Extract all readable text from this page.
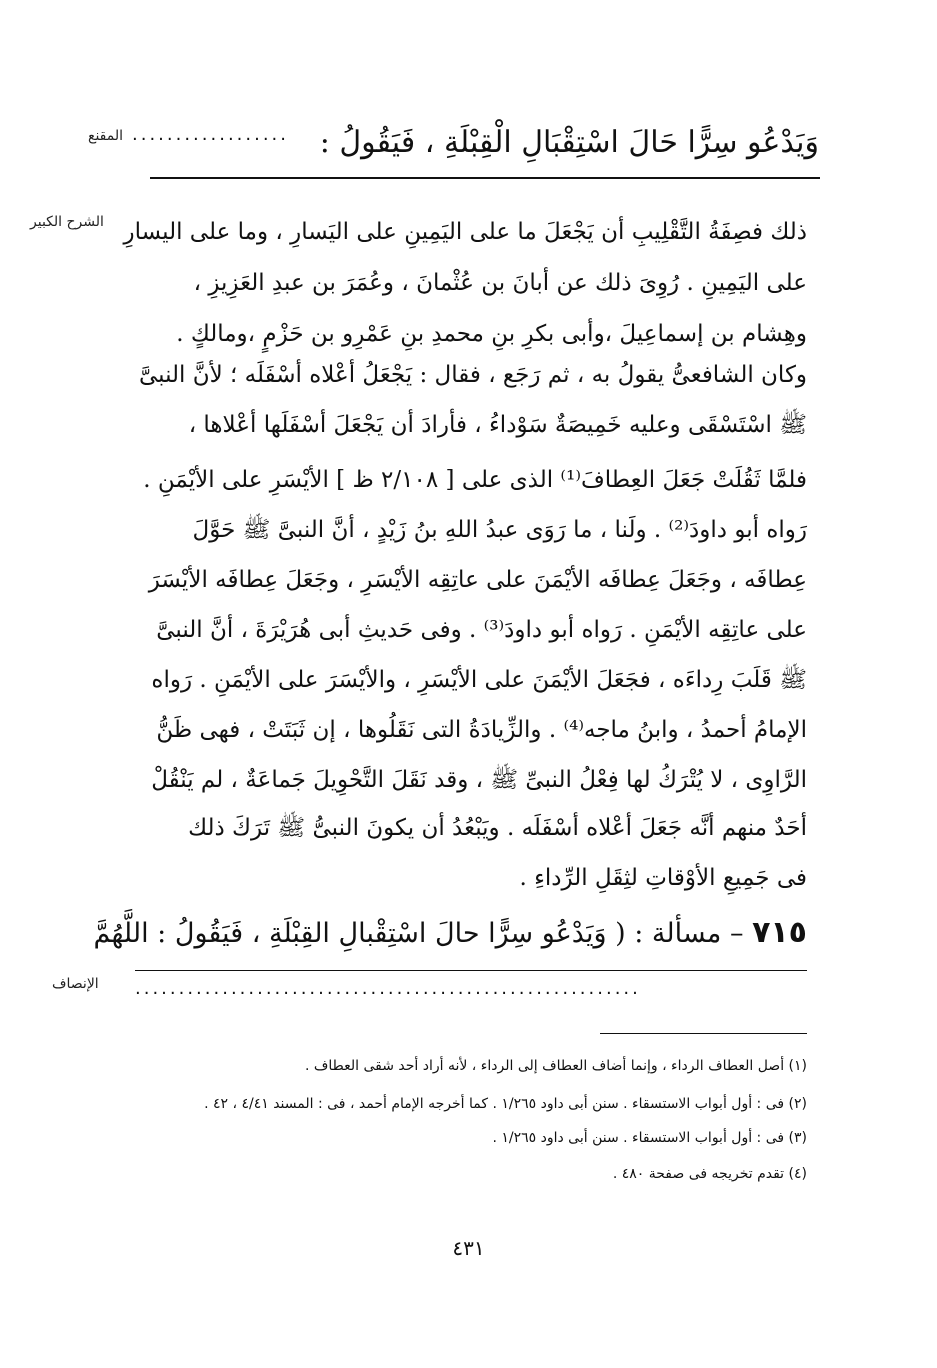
المقنع
الشرح الكبير
الإنصاف
وَيَدْعُو سِرًّا حَالَ اسْتِقْبَالِ الْقِبْلَةِ ، فَيَقُولُ :
..................
ذلك فصِفَةُ التَّقْلِيبِ أن يَجْعَلَ ما على اليَمِينِ على اليَسارِ ، وما على اليسارِ
على اليَمِينِ . رُوِىَ ذلك عن أبانَ بن عُثْمانَ ، وعُمَرَ بن عبدِ العَزِيزِ ،
وهِشام بن إسماعِيلَ ،وأبى بكرِ بنِ محمدِ بنِ عَمْرِو بن حَزْمٍ ،ومالكٍ .
وكان الشافعىُّ يقولُ به ، ثم رَجَع ، فقال : يَجْعَلُ أعْلاه أسْفَلَه ؛ لأنَّ النبىَّ
ﷺ اسْتَسْقَى وعليه خَمِيصَةٌ سَوْداءُ ، فأرادَ أن يَجْعَلَ أسْفَلَها أعْلاها ،
فلمَّا ثَقُلَتْ جَعَلَ العِطافَ⁽¹⁾ الذى على [ ٢/١٠٨ ظ ] الأيْسَرِ على الأيْمَنِ .
رَواه أبو داودَ⁽²⁾ . ولَنا ، ما رَوَى عبدُ اللهِ بنُ زَيْدٍ ، أنَّ النبىَّ ﷺ حَوَّلَ
عِطافَه ، وجَعَلَ عِطافَه الأيْمَنَ على عاتِقِه الأيْسَرِ ، وجَعَلَ عِطافَه الأيْسَرَ
على عاتِقِه الأيْمَنِ . رَواه أبو داودَ⁽³⁾ . وفى حَديثِ أبى هُرَيْرَةَ ، أنَّ النبىَّ
ﷺ قَلَبَ رِداءَه ، فجَعَلَ الأيْمَنَ على الأيْسَرِ ، والأيْسَرَ على الأيْمَنِ . رَواه
الإمامُ أحمدُ ، وابنُ ماجه⁽⁴⁾ . والزِّيادَةُ التى نَقَلُوها ، إن ثَبَتَتْ ، فهى ظَنُّ
الرَّاوِى ، لا يُتْرَكُ لها فِعْلُ النبىِّ ﷺ ، وقد نَقَلَ التَّحْوِيلَ جَماعَةٌ ، لم يَنْقُلْ
أحَدٌ منهم أنَّه جَعَلَ أعْلاه أسْفَلَه . ويَبْعُدُ أن يكونَ النبىُّ ﷺ تَرَكَ ذلك
فى جَمِيعِ الأوْقاتِ لثِقَلِ الرِّداءِ .
٧١٥ – مسألة : ( وَيَدْعُو سِرًّا حالَ اسْتِقْبالِ القِبْلَةِ ، فَيَقُولُ : اللَّهُمَّ
..........................................................
(١) أصل العطاف الرداء ، وإنما أضاف العطاف إلى الرداء ، لأنه أراد أحد شقى العطاف .
(٢) فى : أول أبواب الاستسقاء . سنن أبى داود ١/٢٦٥ . كما أخرجه الإمام أحمد ، فى : المسند ٤/٤١ ، ٤٢ .
(٣) فى : أول أبواب الاستسقاء . سنن أبى داود ١/٢٦٥ .
(٤) تقدم تخريجه فى صفحة ٤٨٠ .
٤٣١
